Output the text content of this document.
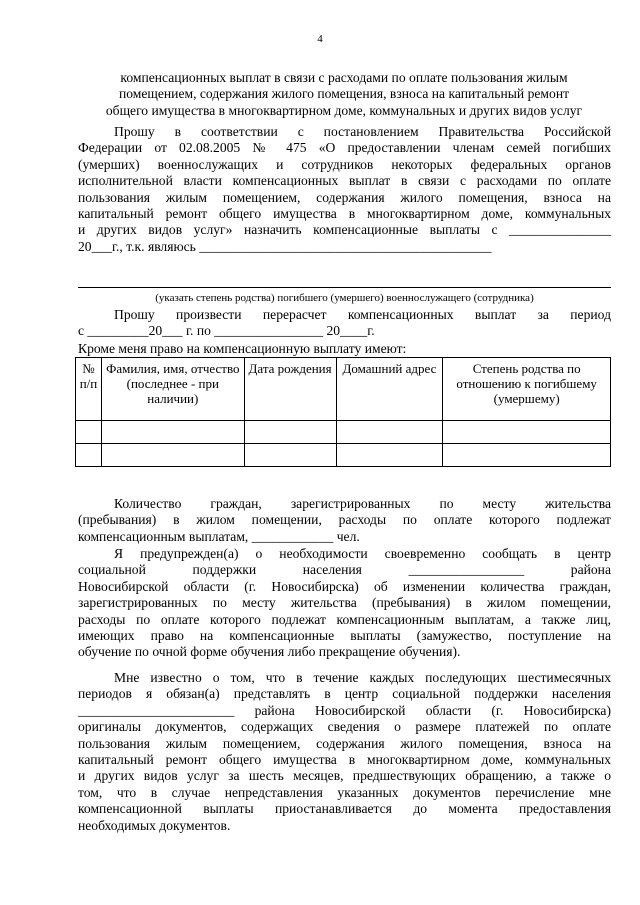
4
компенсационных выплат в связи с расходами по оплате пользования жилым
помещением, содержания жилого помещения, взноса на капитальный ремонт
общего имущества в многоквартирном доме, коммунальных и других видов услуг
Прошу в соответствии с постановлением Правительства Российской
Федерации от 02.08.2005 № 475 «О предоставлении членам семей погибших
(умерших) военнослужащих и сотрудников некоторых федеральных органов
исполнительной власти компенсационных выплат в связи с расходами по оплате
пользования жилым помещением, содержания жилого помещения, взноса на
капитальный ремонт общего имущества в многоквартирном доме, коммунальных
и других видов услуг» назначить компенсационные выплаты с _______________
20___г., т.к. являюсь ___________________________________________
(указать степень родства) погибшего (умершего) военнослужащего (сотрудника)
Прошу произвести перерасчет компенсационных выплат за период
с _________20___ г. по ________________ 20____г.
Кроме меня право на компенсационную выплату имеют:
№ п/п	Фамилия, имя, отчество (последнее - при наличии)	Дата рождения	Домашний адрес	Степень родства по отношению к погибшему (умершему)

Количество граждан, зарегистрированных по месту жительства
(пребывания) в жилом помещении, расходы по оплате которого подлежат
компенсационным выплатам, ____________ чел.
Я предупрежден(а) о необходимости своевременно сообщать в центр
социальной поддержки населения _________________ района
Новосибирской области (г. Новосибирска) об изменении количества граждан,
зарегистрированных по месту жительства (пребывания) в жилом помещении,
расходы по оплате которого подлежат компенсационным выплатам, а также лиц,
имеющих право на компенсационные выплаты (замужество, поступление на
обучение по очной форме обучения либо прекращение обучения).
Мне известно о том, что в течение каждых последующих шестимесячных
периодов я обязан(а) представлять в центр социальной поддержки населения
_______________________ района Новосибирской области (г. Новосибирска)
оригиналы документов, содержащих сведения о размере платежей по оплате
пользования жилым помещением, содержания жилого помещения, взноса на
капитальный ремонт общего имущества в многоквартирном доме, коммунальных
и других видов услуг за шесть месяцев, предшествующих обращению, а также о
том, что в случае непредставления указанных документов перечисление мне
компенсационной выплаты приостанавливается до момента предоставления
необходимых документов.
